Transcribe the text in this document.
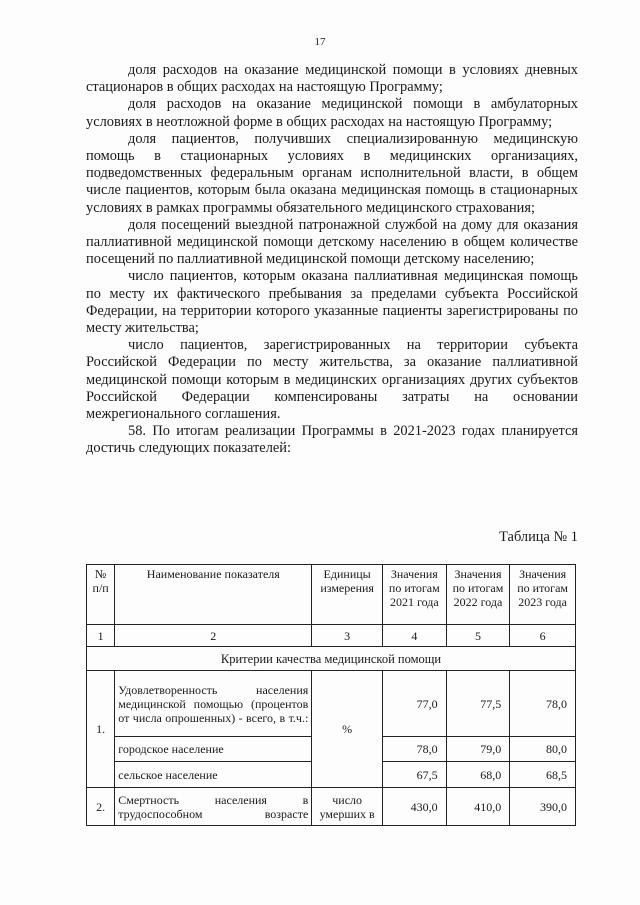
17

доля расходов на оказание медицинской помощи в условиях дневных стационаров в общих расходах на настоящую Программу;

доля расходов на оказание медицинской помощи в амбулаторных условиях в неотложной форме в общих расходах на настоящую Программу;

доля пациентов, получивших специализированную медицинскую помощь в стационарных условиях в медицинских организациях, подведомственных федеральным органам исполнительной власти, в общем числе пациентов, которым была оказана медицинская помощь в стационарных условиях в рамках программы обязательного медицинского страхования;

доля посещений выездной патронажной службой на дому для оказания паллиативной медицинской помощи детскому населению в общем количестве посещений по паллиативной медицинской помощи детскому населению;

число пациентов, которым оказана паллиативная медицинская помощь по месту их фактического пребывания за пределами субъекта Российской Федерации, на территории которого указанные пациенты зарегистрированы по месту жительства;

число пациентов, зарегистрированных на территории субъекта Российской Федерации по месту жительства, за оказание паллиативной медицинской помощи которым в медицинских организациях других субъектов Российской Федерации компенсированы затраты на основании межрегионального соглашения.

58. По итогам реализации Программы в 2021-2023 годах планируется достичь следующих показателей:

Таблица № 1
№ п/п	Наименование показателя	Единицы измерения	Значения по итогам 2021 года	Значения по итогам 2022 года	Значения по итогам 2023 года
1	2	3	4	5	6
Критерии качества медицинской помощи					
1.	Удовлетворенность населения медицинской помощью (процентов от числа опрошенных) - всего, в т.ч.:	%	77,0	77,5	78,0
	городское население		78,0	79,0	80,0
	сельское население		67,5	68,0	68,5
2.	Смертность населения в трудоспособном возрасте	число умерших в	430,0	410,0	390,0
